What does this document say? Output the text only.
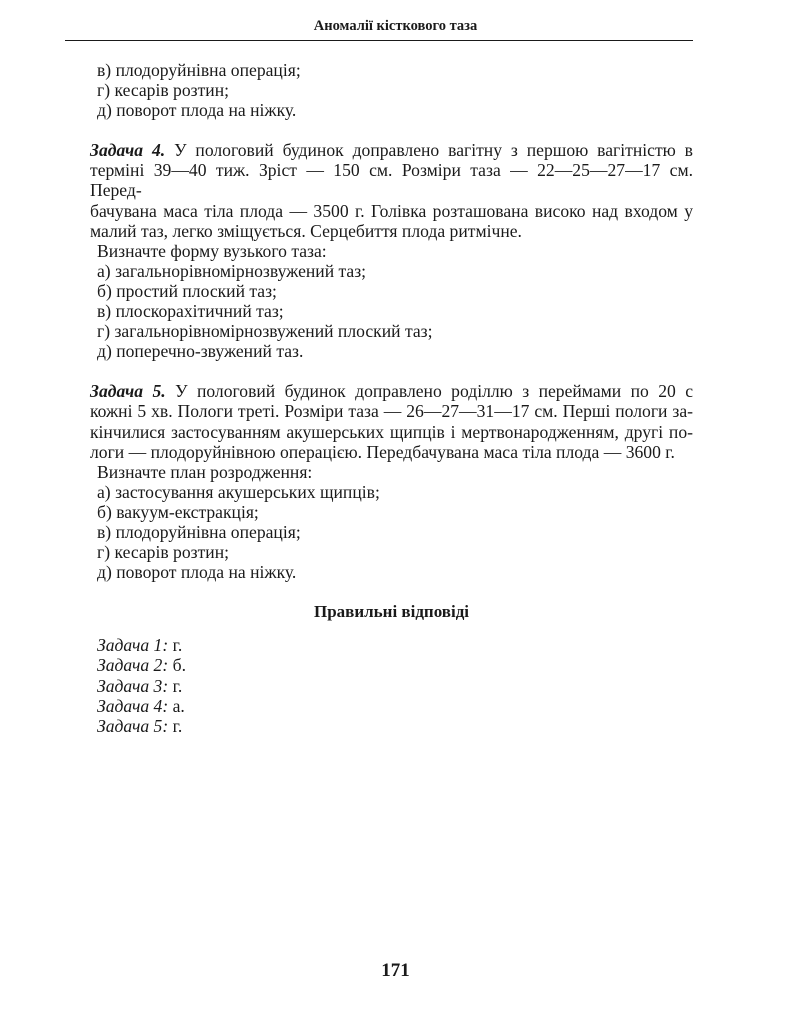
Аномалії кісткового таза
в) плодоруйнівна операція;
г) кесарів розтин;
д) поворот плода на ніжку.
Задача 4. У пологовий будинок доправлено вагітну з першою вагітністю в
терміні 39—40 тиж. Зріст — 150 см. Розміри таза — 22—25—27—17 см. Перед-
бачувана маса тіла плода — 3500 г. Голівка розташована високо над входом у
малий таз, легко зміщується. Серцебиття плода ритмічне.
Визначте форму вузького таза:
а) загальнорівномірнозвужений таз;
б) простий плоский таз;
в) плоскорахітичний таз;
г) загальнорівномірнозвужений плоский таз;
д) поперечно-звужений таз.
Задача 5. У пологовий будинок доправлено роділлю з переймами по 20 с
кожні 5 хв. Пологи треті. Розміри таза — 26—27—31—17 см. Перші пологи за-
кінчилися застосуванням акушерських щипців і мертвонародженням, другі по-
логи — плодоруйнівною операцією. Передбачувана маса тіла плода — 3600 г.
Визначте план розродження:
а) застосування акушерських щипців;
б) вакуум-екстракція;
в) плодоруйнівна операція;
г) кесарів розтин;
д) поворот плода на ніжку.
Правильні відповіді
Задача 1: г.
Задача 2: б.
Задача 3: г.
Задача 4: а.
Задача 5: г.
171
